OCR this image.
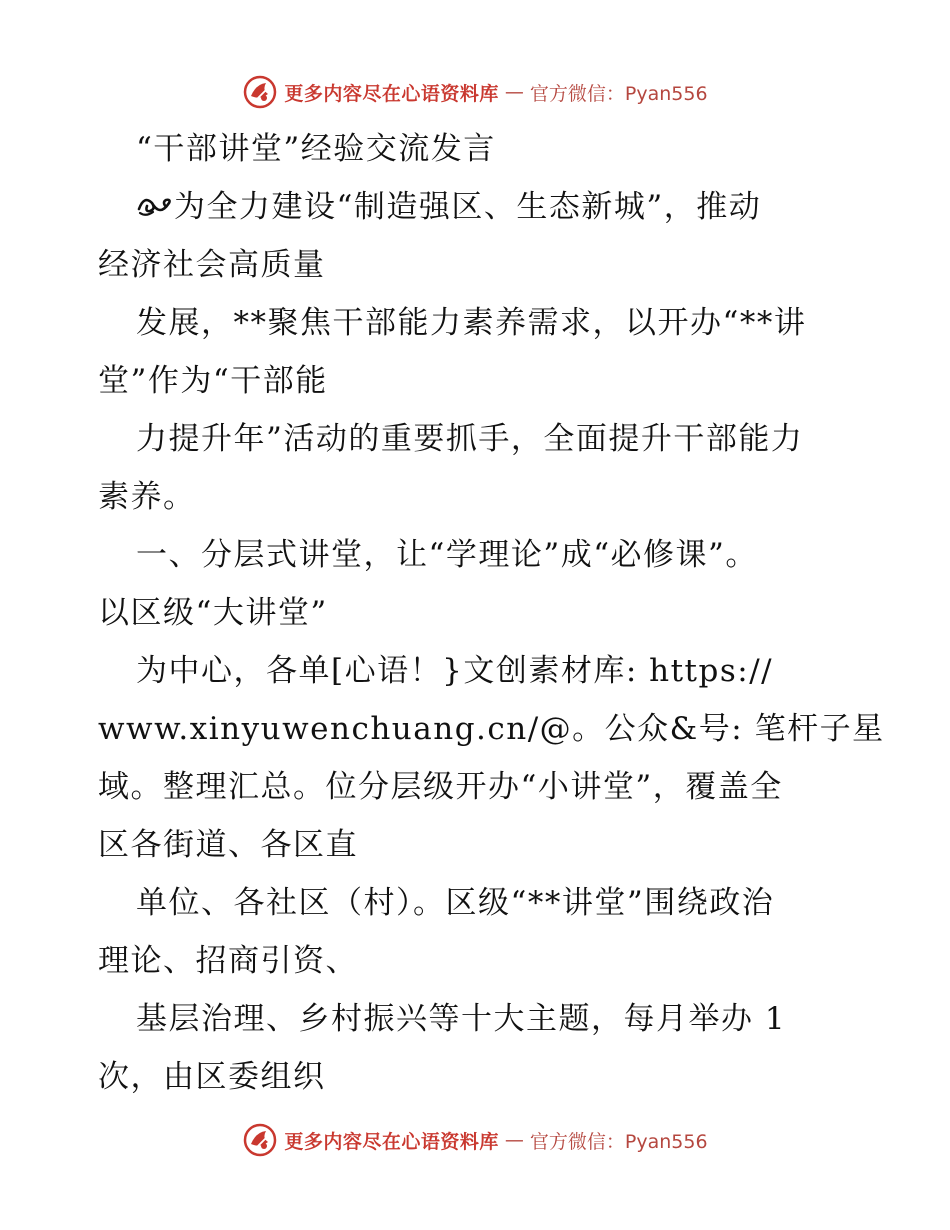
更多内容尽在心语资料库 — 官方微信：Pyan556
“干部讲堂”经验交流发言
为全力建设“制造强区、生态新城”，推动
经济社会高质量
发展，**聚焦干部能力素养需求，以开办“**讲
堂”作为“干部能
力提升年”活动的重要抓手，全面提升干部能力
素养。
一、分层式讲堂，让“学理论”成“必修课”。
以区级“大讲堂”
为中心，各单[心语！}文创素材库: https://
www.xinyuwenchuang.cn/@。公众&号: 笔杆子星
域。整理汇总。位分层级开办“小讲堂”，覆盖全
区各街道、各区直
单位、各社区（村）。区级“**讲堂”围绕政治
理论、招商引资、
基层治理、乡村振兴等十大主题，每月举办 1
次，由区委组织
更多内容尽在心语资料库 — 官方微信：Pyan556
